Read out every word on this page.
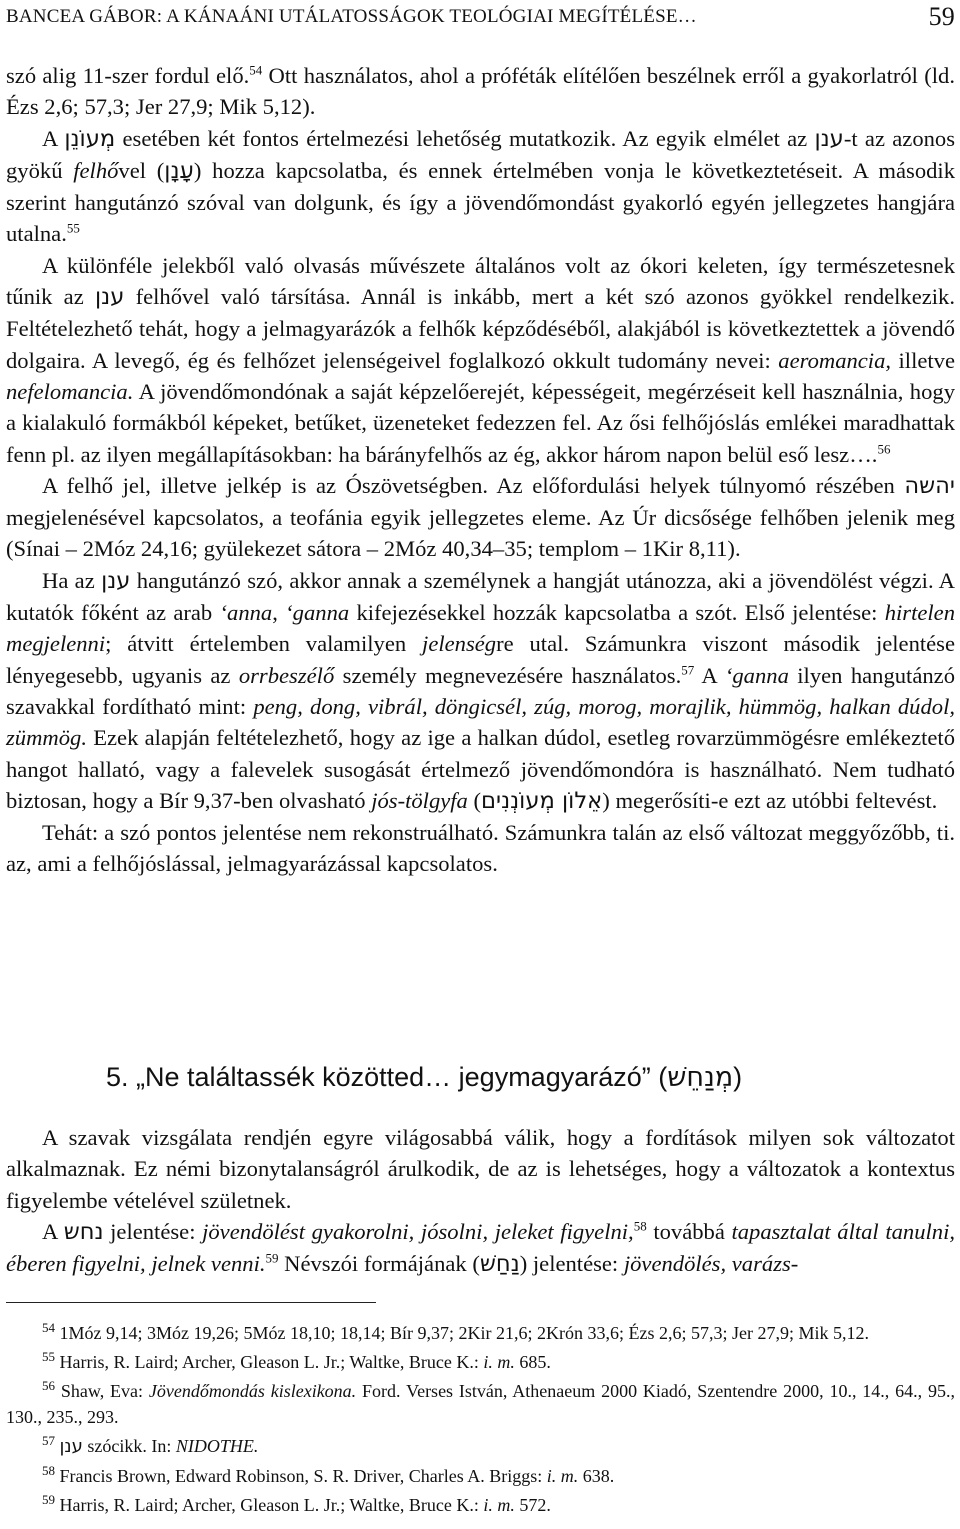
BANCEA GÁBOR: A KÁNAÁNI UTÁLATOSSÁGOK TEOLÓGIAI MEGÍTÉLÉSE…	59

szó alig 11-szer fordul elő.$^{54}$ Ott használatos, ahol a próféták elítélően beszélnek erről a gyakorlatról (ld. Ézs 2,6; 57,3; Jer 27,9; Mik 5,12).

A מְעוֹנֵן esetében két fontos értelmezési lehetőség mutatkozik. Az egyik elmélet az ענן-t az azonos gyökű felhővel (עָנָן) hozza kapcsolatba, és ennek értelmében vonja le következtetéseit. A második szerint hangutánzó szóval van dolgunk, és így a jövendőmondást gyakorló egyén jellegzetes hangjára utalna.$^{55}$

A különféle jelekből való olvasás művészete általános volt az ókori keleten, így természetesnek tűnik az ענן felhővel való társítása. Annál is inkább, mert a két szó azonos gyökkel rendelkezik. Feltételezhető tehát, hogy a jelmagyarázók a felhők képződéséből, alakjából is következtettek a jövendő dolgaira. A levegő, ég és felhőzet jelenségeivel foglalkozó okkult tudomány nevei: aeromancia, illetve nefelomancia. A jövendőmondónak a saját képzelőerejét, képességeit, megérzéseit kell használnia, hogy a kialakuló formákból képeket, betűket, üzeneteket fedezzen fel. Az ősi felhőjóslás emlékei maradhattak fenn pl. az ilyen megállapításokban: ha bárányfelhős az ég, akkor három napon belül eső lesz….$^{56}$

A felhő jel, illetve jelkép is az Ószövetségben. Az előfordulási helyek túlnyomó részében יהשה megjelenésével kapcsolatos, a teofánia egyik jellegzetes eleme. Az Úr dicsősége felhőben jelenik meg (Sínai – 2Móz 24,16; gyülekezet sátora – 2Móz 40,34–35; templom – 1Kir 8,11).

Ha az ענן hangutánzó szó, akkor annak a személynek a hangját utánozza, aki a jövendölést végzi. A kutatók főként az arab ‘anna, ‘ganna kifejezésekkel hozzák kapcsolatba a szót. Első jelentése: hirtelen megjelenni; átvitt értelemben valamilyen jelenségre utal. Számunkra viszont második jelentése lényegesebb, ugyanis az orrbeszélő személy megnevezésére használatos.$^{57}$ A ‘ganna ilyen hangutánzó szavakkal fordítható mint: peng, dong, vibrál, döngicsél, zúg, morog, morajlik, hümmög, halkan dúdol, zümmög. Ezek alapján feltételezhető, hogy az ige a halkan dúdol, esetleg rovarzümmögésre emlékeztető hangot hallató, vagy a falevelek susogását értelmező jövendőmondóra is használható. Nem tudható biztosan, hogy a Bír 9,37-ben olvasható jós-tölgyfa (אֵלוֹן מְעוֹנְנִים) megerősíti-e ezt az utóbbi feltevést.

Tehát: a szó pontos jelentése nem rekonstruálható. Számunkra talán az első változat meggyőzőbb, ti. az, ami a felhőjóslással, jelmagyarázással kapcsolatos.

5. „Ne találtassék közötted… jegymagyarázó” (מְנַחֵשׁ)

A szavak vizsgálata rendjén egyre világosabbá válik, hogy a fordítások milyen sok változatot alkalmaznak. Ez némi bizonytalanságról árulkodik, de az is lehetséges, hogy a változatok a kontextus figyelembe vételével születnek.

A נחש jelentése: jövendölést gyakorolni, jósolni, jeleket figyelni,$^{58}$ továbbá tapasztalat által tanulni, éberen figyelni, jelnek venni.$^{59}$ Névszói formájának (נַחַשׁ) jelentése: jövendölés, varázs-

$^{54}$ 1Móz 9,14; 3Móz 19,26; 5Móz 18,10; 18,14; Bír 9,37; 2Kir 21,6; 2Krón 33,6; Ézs 2,6; 57,3; Jer 27,9; Mik 5,12.

$^{55}$ Harris, R. Laird; Archer, Gleason L. Jr.; Waltke, Bruce K.: i. m. 685.

$^{56}$ Shaw, Eva: Jövendőmondás kislexikona. Ford. Verses István, Athenaeum 2000 Kiadó, Szentendre 2000, 10., 14., 64., 95., 130., 235., 293.

$^{57}$ ענן szócikk. In: NIDOTHE.

$^{58}$ Francis Brown, Edward Robinson, S. R. Driver, Charles A. Briggs: i. m. 638.

$^{59}$ Harris, R. Laird; Archer, Gleason L. Jr.; Waltke, Bruce K.: i. m. 572.
